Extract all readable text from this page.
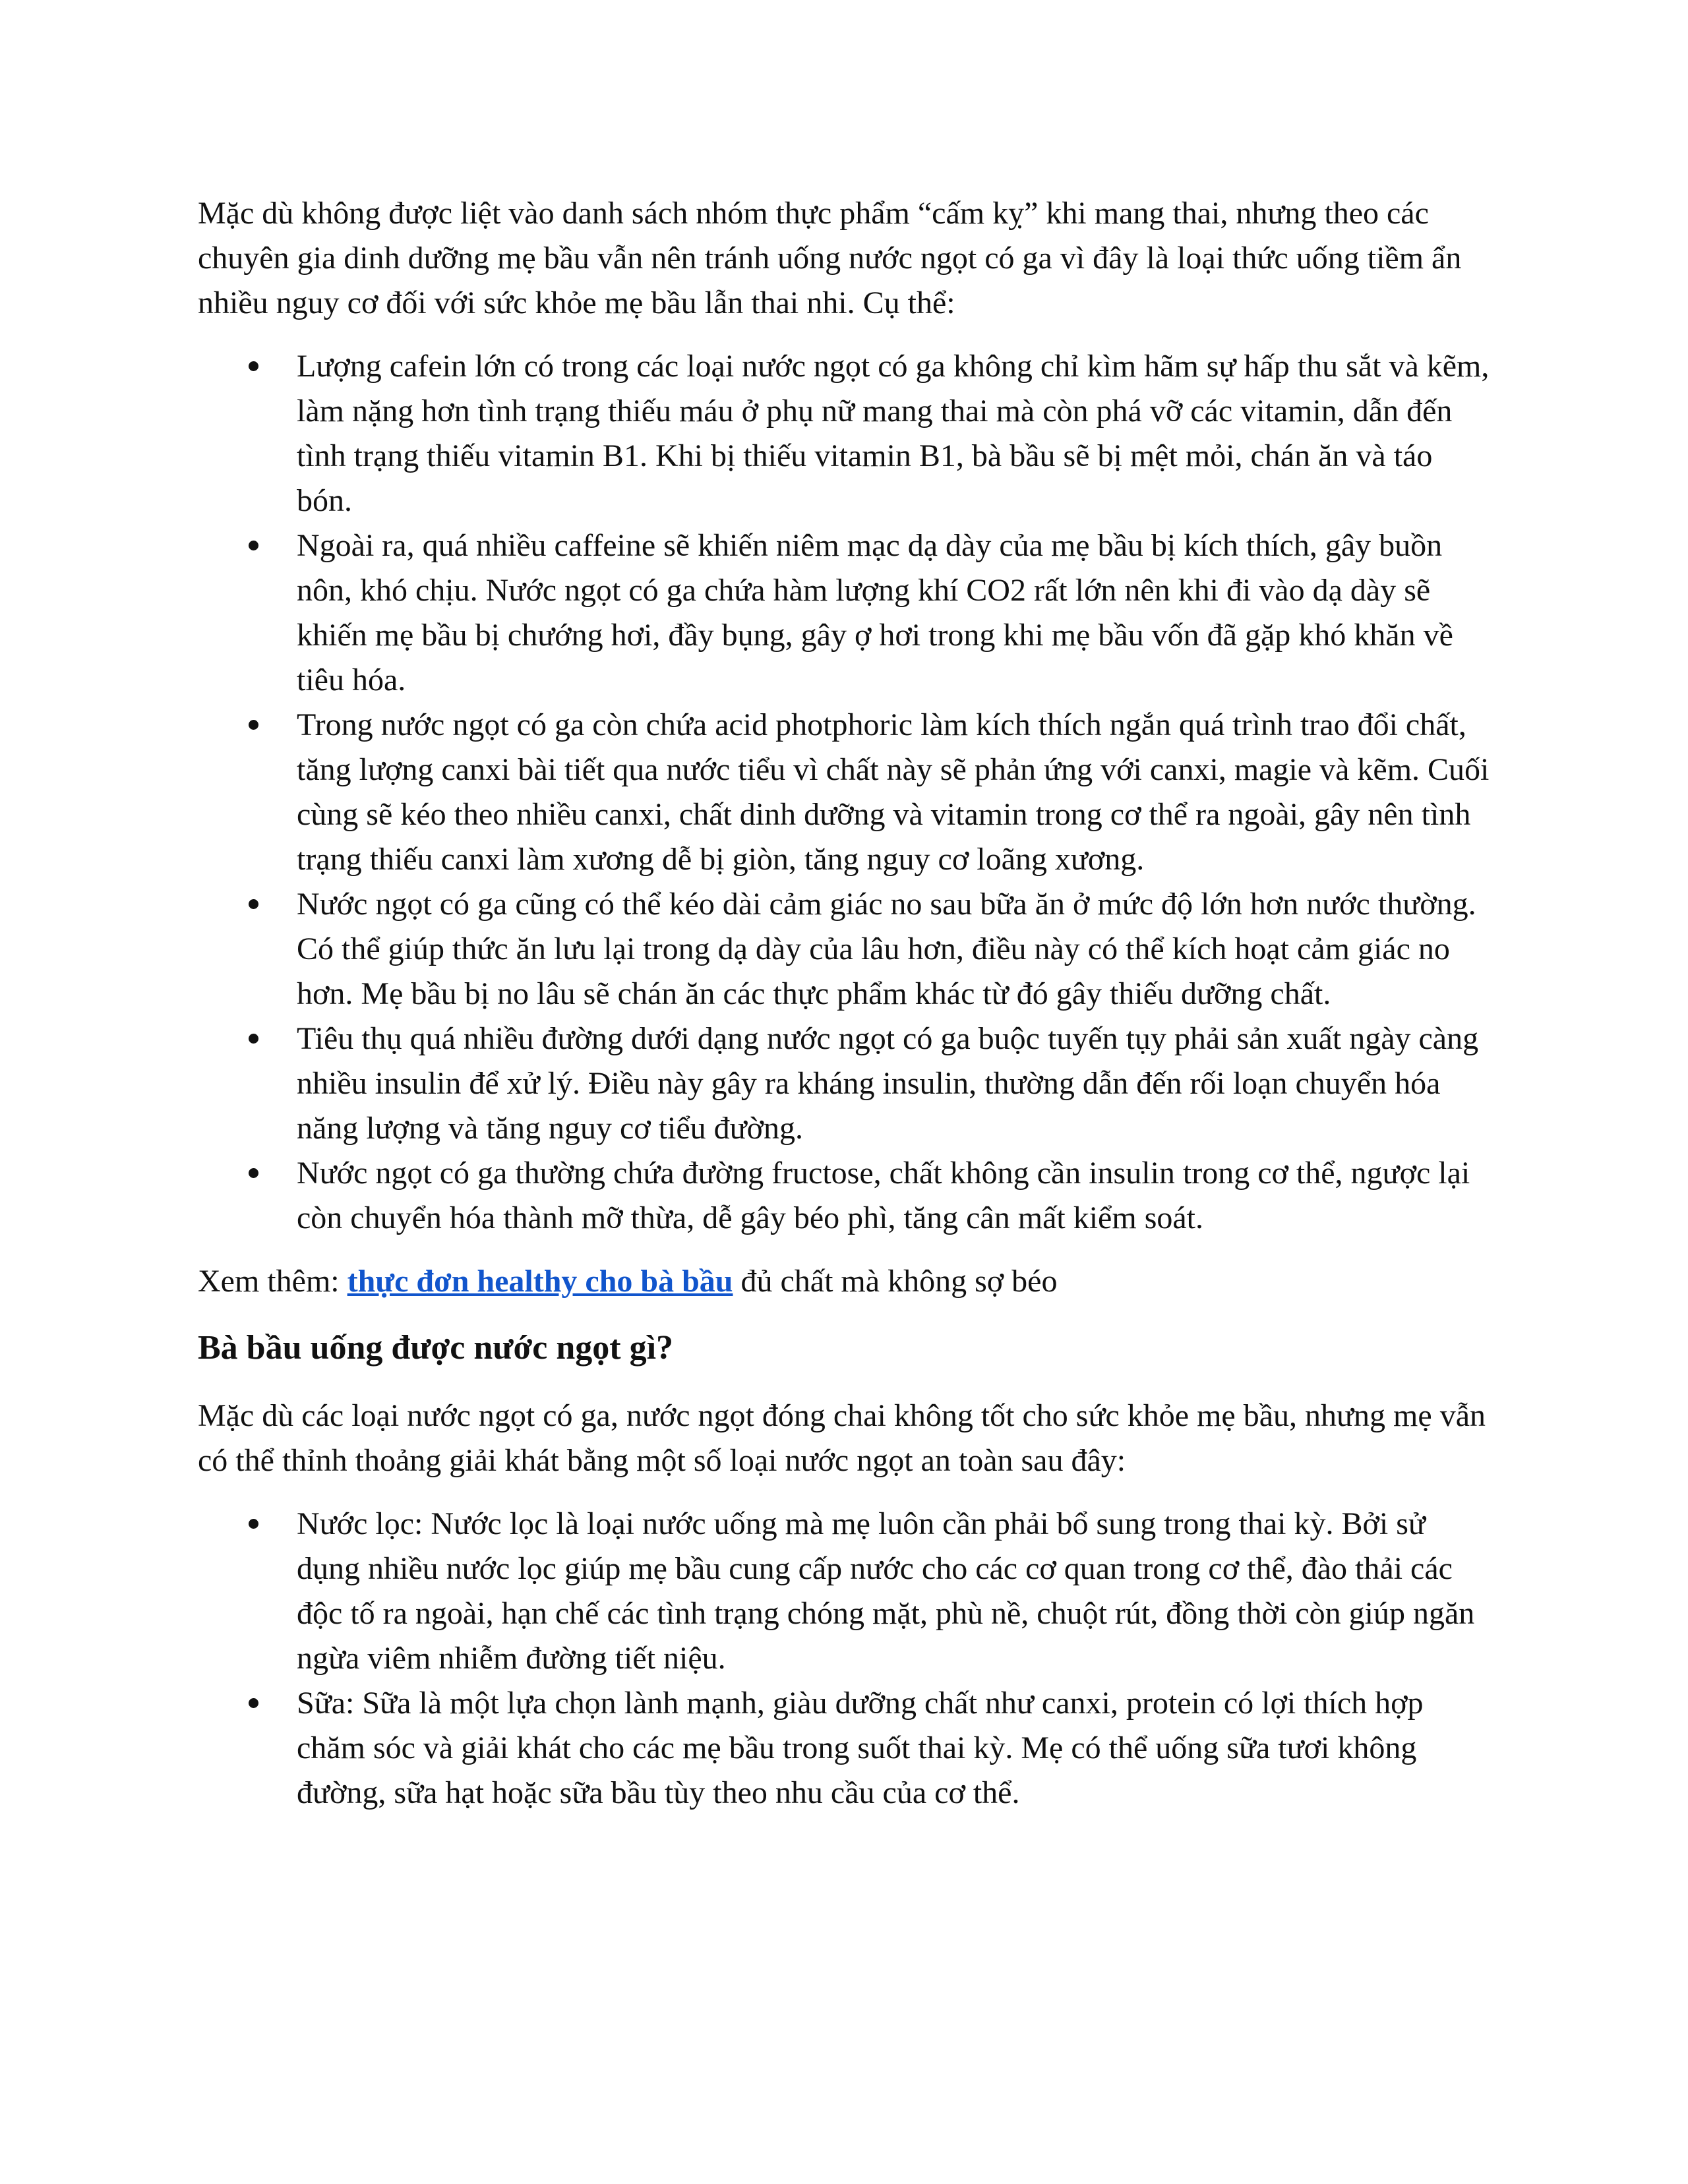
Mặc dù không được liệt vào danh sách nhóm thực phẩm “cấm kỵ” khi mang thai, nhưng theo các chuyên gia dinh dưỡng mẹ bầu vẫn nên tránh uống nước ngọt có ga vì đây là loại thức uống tiềm ẩn nhiều nguy cơ đối với sức khỏe mẹ bầu lẫn thai nhi. Cụ thể:

Lượng cafein lớn có trong các loại nước ngọt có ga không chỉ kìm hãm sự hấp thu sắt và kẽm, làm nặng hơn tình trạng thiếu máu ở phụ nữ mang thai mà còn phá vỡ các vitamin, dẫn đến tình trạng thiếu vitamin B1. Khi bị thiếu vitamin B1, bà bầu sẽ bị mệt mỏi, chán ăn và táo bón.
Ngoài ra, quá nhiều caffeine sẽ khiến niêm mạc dạ dày của mẹ bầu bị kích thích, gây buồn nôn, khó chịu. Nước ngọt có ga chứa hàm lượng khí CO2 rất lớn nên khi đi vào dạ dày sẽ khiến mẹ bầu bị chướng hơi, đầy bụng, gây ợ hơi trong khi mẹ bầu vốn đã gặp khó khăn về tiêu hóa.
Trong nước ngọt có ga còn chứa acid photphoric làm kích thích ngắn quá trình trao đổi chất, tăng lượng canxi bài tiết qua nước tiểu vì chất này sẽ phản ứng với canxi, magie và kẽm. Cuối cùng sẽ kéo theo nhiều canxi, chất dinh dưỡng và vitamin trong cơ thể ra ngoài, gây nên tình trạng thiếu canxi làm xương dễ bị giòn, tăng nguy cơ loãng xương.
Nước ngọt có ga cũng có thể kéo dài cảm giác no sau bữa ăn ở mức độ lớn hơn nước thường. Có thể giúp thức ăn lưu lại trong dạ dày của lâu hơn, điều này có thể kích hoạt cảm giác no hơn. Mẹ bầu bị no lâu sẽ chán ăn các thực phẩm khác từ đó gây thiếu dưỡng chất.
Tiêu thụ quá nhiều đường dưới dạng nước ngọt có ga buộc tuyến tụy phải sản xuất ngày càng nhiều insulin để xử lý. Điều này gây ra kháng insulin, thường dẫn đến rối loạn chuyển hóa năng lượng và tăng nguy cơ tiểu đường.
Nước ngọt có ga thường chứa đường fructose, chất không cần insulin trong cơ thể, ngược lại còn chuyển hóa thành mỡ thừa, dễ gây béo phì, tăng cân mất kiểm soát.

Xem thêm: thực đơn healthy cho bà bầu đủ chất mà không sợ béo

Bà bầu uống được nước ngọt gì?

Mặc dù các loại nước ngọt có ga, nước ngọt đóng chai không tốt cho sức khỏe mẹ bầu, nhưng mẹ vẫn có thể thỉnh thoảng giải khát bằng một số loại nước ngọt an toàn sau đây:

Nước lọc: Nước lọc là loại nước uống mà mẹ luôn cần phải bổ sung trong thai kỳ. Bởi sử dụng nhiều nước lọc giúp mẹ bầu cung cấp nước cho các cơ quan trong cơ thể, đào thải các độc tố ra ngoài, hạn chế các tình trạng chóng mặt, phù nề, chuột rút, đồng thời còn giúp ngăn ngừa viêm nhiễm đường tiết niệu.
Sữa: Sữa là một lựa chọn lành mạnh, giàu dưỡng chất như canxi, protein có lợi thích hợp chăm sóc và giải khát cho các mẹ bầu trong suốt thai kỳ. Mẹ có thể uống sữa tươi không đường, sữa hạt hoặc sữa bầu tùy theo nhu cầu của cơ thể.
